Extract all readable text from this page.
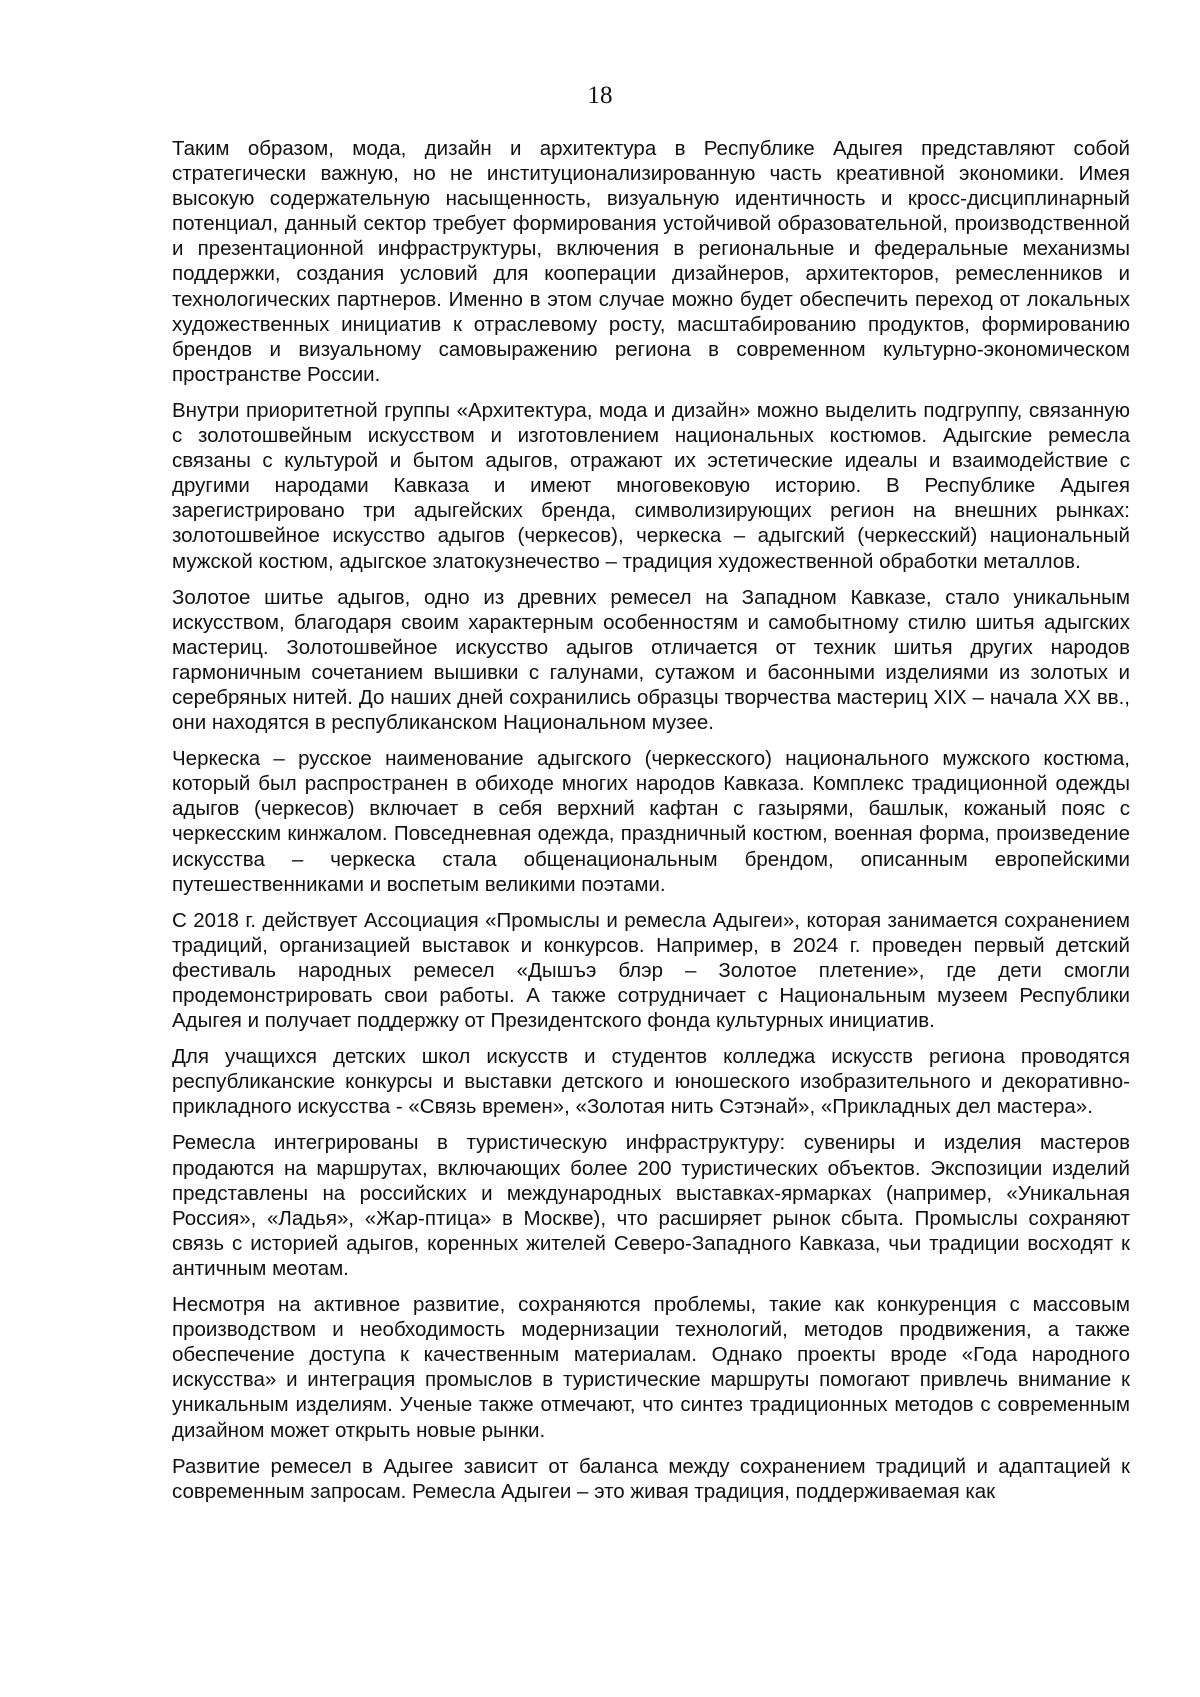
18

Таким образом, мода, дизайн и архитектура в Республике Адыгея представляют собой стратегически важную, но не институционализированную часть креативной экономики. Имея высокую содержательную насыщенность, визуальную идентичность и кросс-дисциплинарный потенциал, данный сектор требует формирования устойчивой образовательной, производственной и презентационной инфраструктуры, включения в региональные и федеральные механизмы поддержки, создания условий для кооперации дизайнеров, архитекторов, ремесленников и технологических партнеров. Именно в этом случае можно будет обеспечить переход от локальных художественных инициатив к отраслевому росту, масштабированию продуктов, формированию брендов и визуальному самовыражению региона в современном культурно-экономическом пространстве России.

Внутри приоритетной группы «Архитектура, мода и дизайн» можно выделить подгруппу, связанную с золотошвейным искусством и изготовлением национальных костюмов. Адыгские ремесла связаны с культурой и бытом адыгов, отражают их эстетические идеалы и взаимодействие с другими народами Кавказа и имеют многовековую историю. В Республике Адыгея зарегистрировано три адыгейских бренда, символизирующих регион на внешних рынках: золотошвейное искусство адыгов (черкесов), черкеска – адыгский (черкесский) национальный мужской костюм, адыгское златокузнечество – традиция художественной обработки металлов.

Золотое шитье адыгов, одно из древних ремесел на Западном Кавказе, стало уникальным искусством, благодаря своим характерным особенностям и самобытному стилю шитья адыгских мастериц. Золотошвейное искусство адыгов отличается от техник шитья других народов гармоничным сочетанием вышивки с галунами, сутажом и басонными изделиями из золотых и серебряных нитей. До наших дней сохранились образцы творчества мастериц XIX – начала XX вв., они находятся в республиканском Национальном музее.

Черкеска – русское наименование адыгского (черкесского) национального мужского костюма, который был распространен в обиходе многих народов Кавказа. Комплекс традиционной одежды адыгов (черкесов) включает в себя верхний кафтан с газырями, башлык, кожаный пояс с черкесским кинжалом. Повседневная одежда, праздничный костюм, военная форма, произведение искусства – черкеска стала общенациональным брендом, описанным европейскими путешественниками и воспетым великими поэтами.

С 2018 г. действует Ассоциация «Промыслы и ремесла Адыгеи», которая занимается сохранением традиций, организацией выставок и конкурсов. Например, в 2024 г. проведен первый детский фестиваль народных ремесел «Дышъэ блэр – Золотое плетение», где дети смогли продемонстрировать свои работы. А также сотрудничает с Национальным музеем Республики Адыгея и получает поддержку от Президентского фонда культурных инициатив.

Для учащихся детских школ искусств и студентов колледжа искусств региона проводятся республиканские конкурсы и выставки детского и юношеского изобразительного и декоративно-прикладного искусства - «Связь времен», «Золотая нить Сэтэнай», «Прикладных дел мастера».

Ремесла интегрированы в туристическую инфраструктуру: сувениры и изделия мастеров продаются на маршрутах, включающих более 200 туристических объектов. Экспозиции изделий представлены на российских и международных выставках-ярмарках (например, «Уникальная Россия», «Ладья», «Жар-птица» в Москве), что расширяет рынок сбыта. Промыслы сохраняют связь с историей адыгов, коренных жителей Северо-Западного Кавказа, чьи традиции восходят к античным меотам.

Несмотря на активное развитие, сохраняются проблемы, такие как конкуренция с массовым производством и необходимость модернизации технологий, методов продвижения, а также обеспечение доступа к качественным материалам. Однако проекты вроде «Года народного искусства» и интеграция промыслов в туристические маршруты помогают привлечь внимание к уникальным изделиям. Ученые также отмечают, что синтез традиционных методов с современным дизайном может открыть новые рынки.

Развитие ремесел в Адыгее зависит от баланса между сохранением традиций и адаптацией к современным запросам. Ремесла Адыгеи – это живая традиция, поддерживаемая как
